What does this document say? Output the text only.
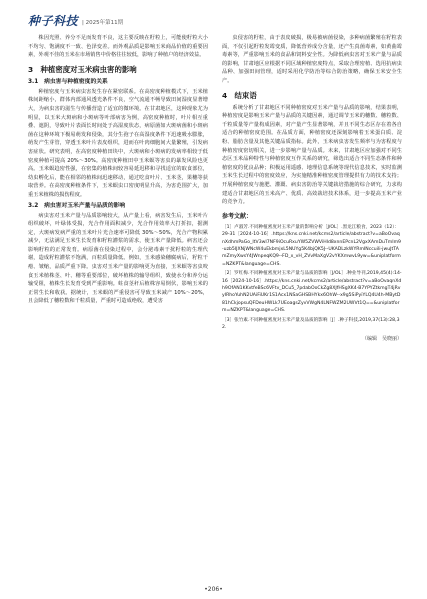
种子科技 | 2025年第11期

株因光照、养分不足而发育不良，这主要反映在籽粒上，可能使籽粒大小不均匀、饱满度不一致、色泽变差。而外观品质是影响玉米商品价值的重要因素，外观不佳的玉米在市场销售中价格往往较低，影响了种植户的经济效益。

3　种植密度对玉米病虫害的影响
3.1　病虫害与种植密度的关系

种植密度与玉米病虫害发生存在紧密联系。在高密度种植模式下，玉米植株间距缩小，群体内部通风透光条件不良，空气流通不畅导致田间湿度显著增大，为病虫害的滋生与传播营造了适宜的微环境。在甘肃地区，这种现象尤为明显，以玉米大斑病和小斑病等叶部病害为例，高密度种植时，叶片相互重叠、遮阴，导致叶片表面长时间处于高湿度状态，病原菌如大斑病菌和小斑病菌在这种环境下极易萌发和侵染，其分生孢子在高湿度条件下迅速吸水膨胀，萌发产生芽管，穿透玉米叶片表皮组织，进而在叶肉细胞间大量繁殖，引发病害症状。研究表明，在高密度种植田块中，大斑病和小斑病的发病率相较于低密度种植可提高 20%～30%。高密度种植田中玉米螟等害虫的暴发风险也更高。玉米螟趋密性强，在密集的植株间较容易延迟移和寻找适宜的取食部位，幼虫孵化后，能在相邻的植株间迅速移动，通过吃食叶片、玉米茎，果穗等获取营养。在高密度种植条件下，玉米螟虫口密度明显升高，为害范围扩大，加重玉米植株的损伤程度。

3.2　病虫害对玉米产量与品质的影响

病虫害对玉米产量与品质影响较大，从产量上看，病害发生后，玉米叶片组织破坏，叶绿体受损，光合作用面积减少，光合作用效率大打折扣，据测定，大斑病发病严重的玉米叶片光合速率可降低 30%～50%，光合产物积累减少，无法满足玉米生长发育和籽粒灌浆的需求，使玉米产量降低。病害还会影响籽粒的正常发育。病原菌在侵染过程中，会分泌毒素干扰籽粒的生理代谢，造成籽粒灌浆不饱满，百粒质量降低。例如，玉米感染穗腐病后，籽粒干瘪、皱缩，品质严重下降。虫害对玉米产量的影响更为直接，玉米螟等害虫咬食玉米植株茎、叶、穗等重要部位，破坏植株的输导组织，致使水分和养分运输受阻，植株生长发育受到严重影响。蛀食茎秆后植株容易倒伏，影响玉米的正常生长和收获。据统计，玉米螟的严重侵害可导致玉米减产 10%～20%，且会降低了穗粒数和千粒质量，严重时可造成绝收，遭受害

虫侵害的籽粒，由于表皮破损，极易被病菌侵染，多种病菌繁殖在籽粒表面，不仅引起籽粒发霉变质，降低营养成分含量，还产生真菌毒素，如黄曲霉毒素等，严重影响玉米的食品和饲料安全性。为降低病虫害对玉米产量与品质的影响，甘肃地区应根据不同区域种植密度特点，采取合理密植、选用抗病虫品种、加强田间管理，适时采用化学防治等综合防治策略，确保玉米安全生产。

4　结束语

系统分析了甘肃地区不同种植密度对玉米产量与品质的影响，结果表明，种植密度是影响玉米产量与品质的关键因素，通过调节玉米的穗数、穗粒数、千粒质量等产量构成因素，对产量产生显著影响，并且不同生态区存在着各自适合的种植密度范围。在品质方面，种植密度还深刻影响着玉米蛋白质、淀粉、脂肪含量及其他关键品质指标。此外，玉米病虫害发生频率与为害程度与种植密度密切相关，进一步影响产量与品质。未来，甘肃地区应加强对不同生态区玉米品种特性与种植密度互作关系的研究，筛选出适合不同生态条件和种植密度的优良品种；积极运用遥感、地理信息系统等现代信息技术，实时监测玉米生长过程中的密度效应，为实施精准种植密度管理提供有力的技术支持；开展种植密度与施肥、灌溉、病虫害防治等关键栽培措施的综合研究，力求构建适合甘肃地区的玉米高产、优质、高效栽培技术体系，进一步提高玉米产业的竞争力。

参考文献：
［1］卢淑芳.不同种植密度对玉米产量的影响分析［J/OL］.黑龙江粮食，2023（12）：29-31［2024-10-16］.https://kns.cnki.net/kcms2/article/abstract?v=aBoOvaqnXdhmPaGo_ItV3wI7NF9iOcuRxuYW5ZVWViHld8xnnEPcnL2VgxXAmDuTmIm9-uzb5IJXNjWNcW4uEkbmjxL5NUYg5K4bjQK5J--UKADLzkWYRmINccuili-jwuJtTAmZmyXwsY4JWnpeqKQ9--FD_x_vH_ZVvMaXgV2vYKXmwvL9yw=&uniplatform=NZKPT&language=CHS.
［2］罗红梅.不同种植密度对玉米产量与品质的影响［J/OL］.种业导刊,2019,45(4):14-16［2024-10-16］.https://kns.cnki.net/kcms2/article/abstract?v=aBoOvaqnXdh9OfAN1KKvtfeBSc6VFtv_DCu5_7pdabOoCkZg8XJfHSgXK4-B7YPYZtkmgT4jRvyIRhoYuhN2UAiFiUKr1S1Acx1NSaGHSBHYkx6OhW--x9g5SiPyiYLQ4U4h-MBytD81hCkjopsuQFDeuHWLk7UEoagsZyvVWgN4LNFWZM2UWVt1Q==&uniplatform=NZKPT&language=CHS.
［3］张竹素.不同种植密度对玉米产量及品质的影响［J］.种子科技,2019,37(13):28,32.
（编辑　吴晓丽）
•206•
